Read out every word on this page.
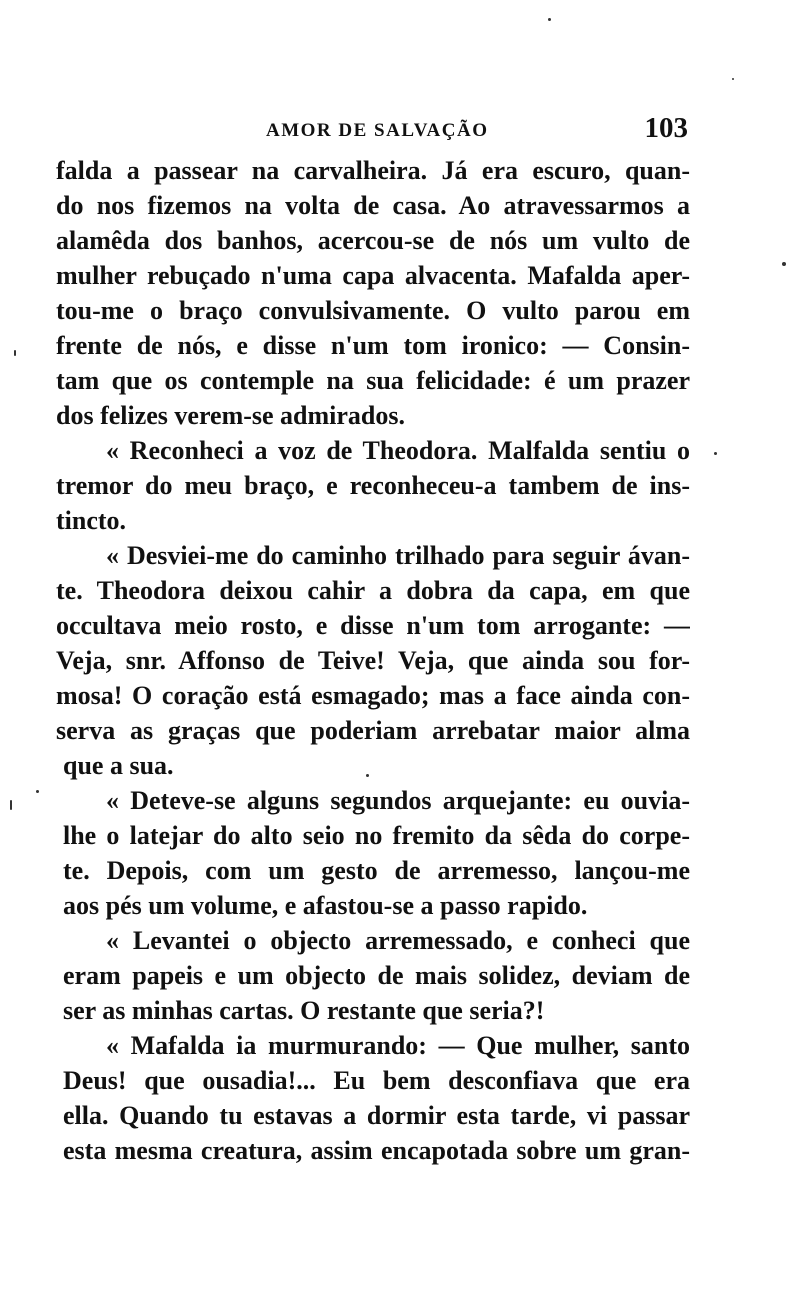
AMOR DE SALVAÇÃO	103
falda a passear na carvalheira. Já era escuro, quan-
do nos fizemos na volta de casa. Ao atravessarmos a
alamêda dos banhos, acercou-se de nós um vulto de
mulher rebuçado n'uma capa alvacenta. Mafalda aper-
tou-me o braço convulsivamente. O vulto parou em
frente de nós, e disse n'um tom ironico: — Consin-
tam que os contemple na sua felicidade: é um prazer
dos felizes verem-se admirados.
« Reconheci a voz de Theodora. Malfalda sentiu o
tremor do meu braço, e reconheceu-a tambem de ins-
tincto.
« Desviei-me do caminho trilhado para seguir ávan-
te. Theodora deixou cahir a dobra da capa, em que
occultava meio rosto, e disse n'um tom arrogante: —
Veja, snr. Affonso de Teive! Veja, que ainda sou for-
mosa! O coração está esmagado; mas a face ainda con-
serva as graças que poderiam arrebatar maior alma
que a sua.
« Deteve-se alguns segundos arquejante: eu ouvia-
lhe o latejar do alto seio no fremito da sêda do corpe-
te. Depois, com um gesto de arremesso, lançou-me
aos pés um volume, e afastou-se a passo rapido.
« Levantei o objecto arremessado, e conheci que
eram papeis e um objecto de mais solidez, deviam de
ser as minhas cartas. O restante que seria?!
« Mafalda ia murmurando: — Que mulher, santo
Deus! que ousadia!... Eu bem desconfiava que era
ella. Quando tu estavas a dormir esta tarde, vi passar
esta mesma creatura, assim encapotada sobre um gran-
